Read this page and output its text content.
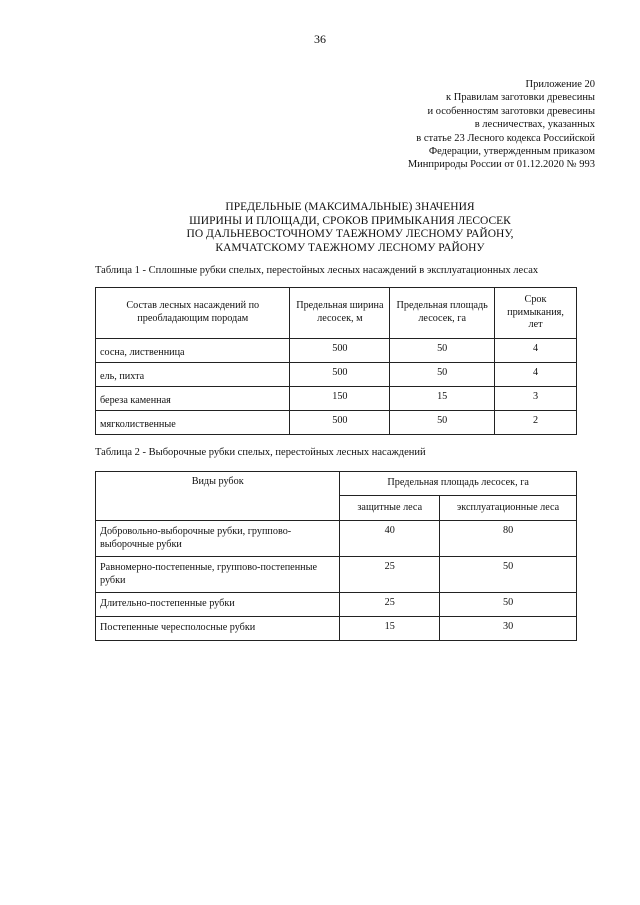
36
Приложение 20
к Правилам заготовки древесины
и особенностям заготовки древесины
в лесничествах, указанных
в статье 23 Лесного кодекса Российской
Федерации, утвержденным приказом
Минприроды России от 01.12.2020 № 993
ПРЕДЕЛЬНЫЕ (МАКСИМАЛЬНЫЕ) ЗНАЧЕНИЯ
ШИРИНЫ И ПЛОЩАДИ, СРОКОВ ПРИМЫКАНИЯ ЛЕСОСЕК
ПО ДАЛЬНЕВОСТОЧНОМУ ТАЕЖНОМУ ЛЕСНОМУ РАЙОНУ,
КАМЧАТСКОМУ ТАЕЖНОМУ ЛЕСНОМУ РАЙОНУ
Таблица 1 - Сплошные рубки спелых, перестойных лесных насаждений в эксплуатационных лесах
Состав лесных насаждений по преобладающим породам	Предельная ширина лесосек, м	Предельная площадь лесосек, га	Срок примыкания, лет
сосна, лиственница	500	50	4
ель, пихта	500	50	4
береза каменная	150	15	3
мягколиственные	500	50	2
Таблица 2 - Выборочные рубки спелых, перестойных лесных насаждений
Виды рубок	Предельная площадь лесосек, га	
	защитные леса	эксплуатационные леса
Добровольно-выборочные рубки, группово-выборочные рубки	40	80
Равномерно-постепенные, группово-постепенные рубки	25	50
Длительно-постепенные рубки	25	50
Постепенные чересполосные рубки	15	30
